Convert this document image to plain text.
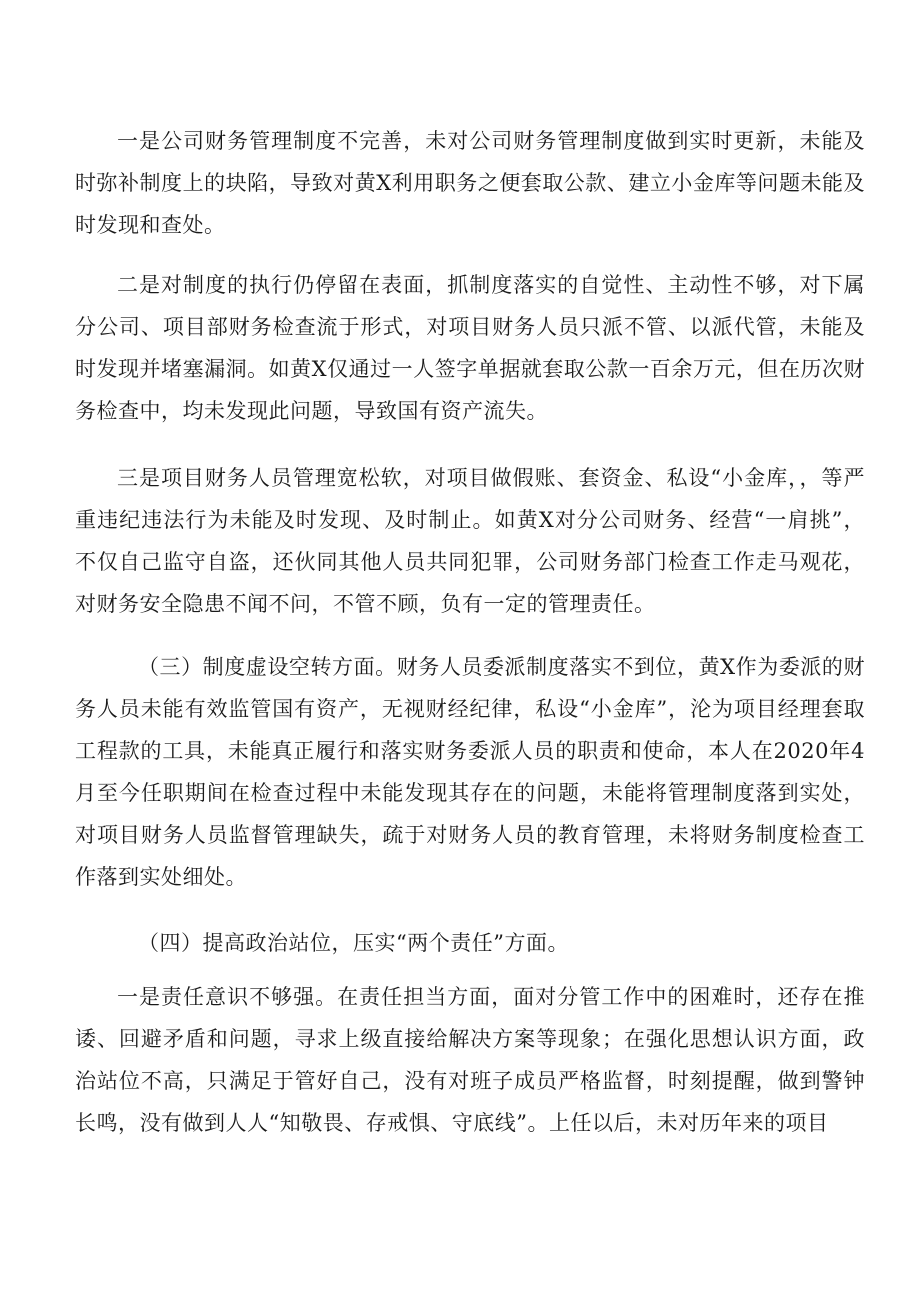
一是公司财务管理制度不完善，未对公司财务管理制度做到实时更新，未能及时弥补制度上的块陷，导致对黄X利用职务之便套取公款、建立小金库等问题未能及时发现和查处。

二是对制度的执行仍停留在表面，抓制度落实的自觉性、主动性不够，对下属分公司、项目部财务检查流于形式，对项目财务人员只派不管、以派代管，未能及时发现并堵塞漏洞。如黄X仅通过一人签字单据就套取公款一百余万元，但在历次财务检查中，均未发现此问题，导致国有资产流失。

三是项目财务人员管理宽松软，对项目做假账、套资金、私设“小金库，，等严重违纪违法行为未能及时发现、及时制止。如黄X对分公司财务、经营“一肩挑”，不仅自己监守自盗，还伙同其他人员共同犯罪，公司财务部门检查工作走马观花，对财务安全隐患不闻不问，不管不顾，负有一定的管理责任。

（三）制度虚设空转方面。财务人员委派制度落实不到位，黄X作为委派的财务人员未能有效监管国有资产，无视财经纪律，私设“小金库”，沦为项目经理套取工程款的工具，未能真正履行和落实财务委派人员的职责和使命，本人在2020年4月至今任职期间在检查过程中未能发现其存在的问题，未能将管理制度落到实处，对项目财务人员监督管理缺失，疏于对财务人员的教育管理，未将财务制度检查工作落到实处细处。

（四）提高政治站位，压实“两个责任”方面。

一是责任意识不够强。在责任担当方面，面对分管工作中的困难时，还存在推诿、回避矛盾和问题，寻求上级直接给解决方案等现象；在强化思想认识方面，政治站位不高，只满足于管好自己，没有对班子成员严格监督，时刻提醒，做到警钟长鸣，没有做到人人“知敬畏、存戒惧、守底线”。上任以后，未对历年来的项目
